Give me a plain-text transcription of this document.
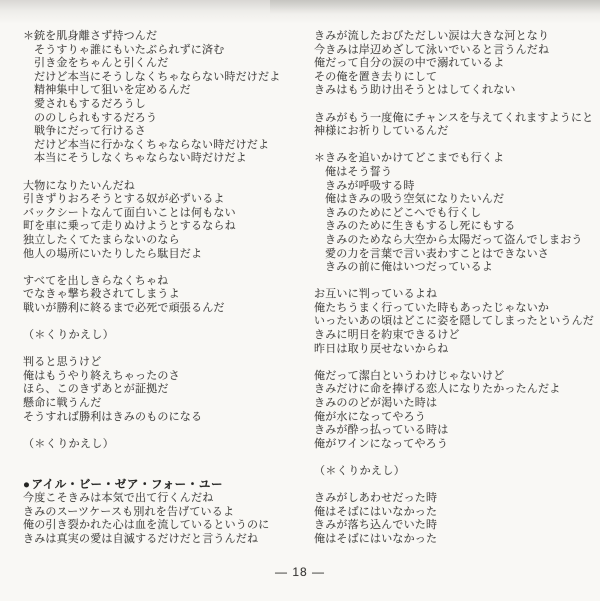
＊ 銃を肌身離さず持つんだ
そうすりゃ誰にもいたぶられずに済む
引き金をちゃんと引くんだ
だけど本当にそうしなくちゃならない時だけだよ
精神集中して狙いを定めるんだ
愛されもするだろうし
ののしられもするだろう
戦争にだって行けるさ
だけど本当に行かなくちゃならない時だけだよ
本当にそうしなくちゃならない時だけだよ
大物になりたいんだね
引きずりおろそうとする奴が必ずいるよ
バックシートなんて面白いことは何もない
町を車に乗って走りぬけようとするならね
独立したくてたまらないのなら
他人の場所にいたりしたら駄目だよ
すべてを出しきらなくちゃね
でなきゃ撃ち殺されてしまうよ
戦いが勝利に終るまで必死で頑張るんだ
（＊くりかえし）
判ると思うけど
俺はもうやり終えちゃったのさ
ほら、このきずあとが証拠だ
懸命に戦うんだ
そうすれば勝利はきみのものになる
（＊くりかえし）
●アイル・ビー・ゼア・フォー・ユー
今度こそきみは本気で出て行くんだね
きみのスーツケースも別れを告げているよ
俺の引き裂かれた心は血を流しているというのに
きみは真実の愛は自滅するだけだと言うんだね
きみが流したおびただしい涙は大きな河となり
今きみは岸辺めざして泳いでいると言うんだね
俺だって自分の涙の中で溺れているよ
その俺を置き去りにして
きみはもう助け出そうとはしてくれない
きみがもう一度俺にチャンスを与えてくれますようにと
神様にお祈りしているんだ
＊ きみを追いかけてどこまでも行くよ
俺はそう誓う
きみが呼吸する時
俺はきみの吸う空気になりたいんだ
きみのためにどこへでも行くし
きみのために生きもするし死にもする
きみのためなら大空から太陽だって盗んでしまおう
愛の力を言葉で言い表わすことはできないさ
きみの前に俺はいつだっているよ
お互いに判っているよね
俺たちうまく行っていた時もあったじゃないか
いったいあの頃はどこに姿を隠してしまったというんだ
きみに明日を約束できるけど
昨日は取り戻せないからね
俺だって潔白というわけじゃないけど
きみだけに命を捧げる恋人になりたかったんだよ
きみののどが渇いた時は
俺が水になってやろう
きみが酔っ払っている時は
俺がワインになってやろう
（＊くりかえし）
きみがしあわせだった時
俺はそばにはいなかった
きみが落ち込んでいた時
俺はそばにはいなかった
— 18 —
